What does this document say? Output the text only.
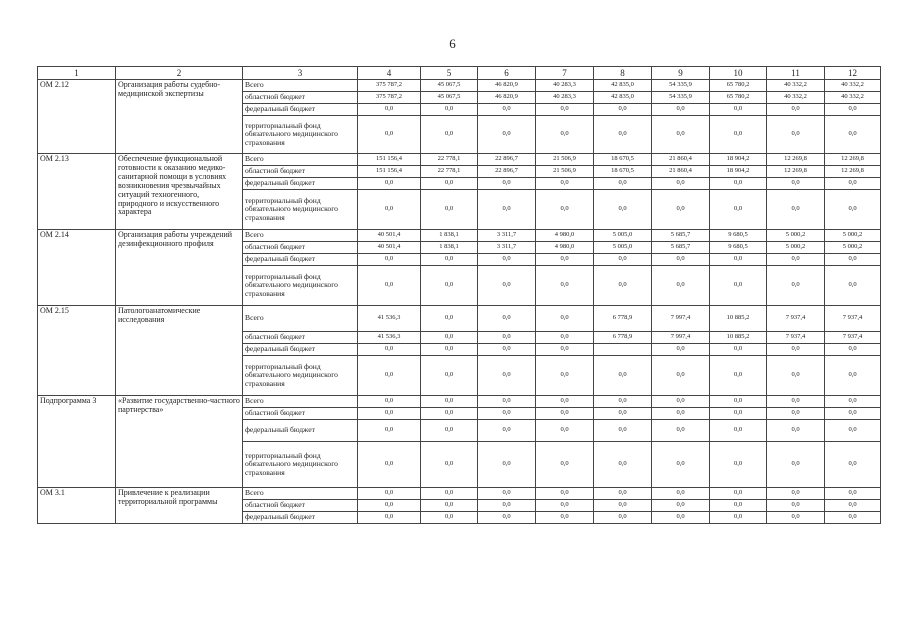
6
1	2	3	4	5	6	7	8	9	10	11	12
ОМ 2.12	Организация работы судебно-медицинской экспертизы	Всего	375 787,2	45 067,5	46 820,9	40 283,3	42 835,0	54 335,9	65 780,2	40 332,2	40 332,2
		областной бюджет	375 787,2	45 067,5	46 820,9	40 283,3	42 835,0	54 335,9	65 780,2	40 332,2	40 332,2
		федеральный бюджет	0,0	0,0	0,0	0,0	0,0	0,0	0,0	0,0	0,0
		территориальный фонд обязательного медицинского страхования	0,0	0,0	0,0	0,0	0,0	0,0	0,0	0,0	0,0
ОМ 2.13	Обеспечение функциональной готовности к оказанию медико-санитарной помощи в условиях возникновения чрезвычайных ситуаций техногенного, природного и искусственного характера	Всего	151 156,4	22 778,1	22 896,7	21 506,9	18 670,5	21 860,4	18 904,2	12 269,8	12 269,8
		областной бюджет	151 156,4	22 778,1	22 896,7	21 506,9	18 670,5	21 860,4	18 904,2	12 269,8	12 269,8
		федеральный бюджет	0,0	0,0	0,0	0,0	0,0	0,0	0,0	0,0	0,0
		территориальный фонд обязательного медицинского страхования	0,0	0,0	0,0	0,0	0,0	0,0	0,0	0,0	0,0
ОМ 2.14	Организация работы учреждений дезинфекционного профиля	Всего	40 501,4	1 838,1	3 311,7	4 980,0	5 005,0	5 685,7	9 680,5	5 000,2	5 000,2
		областной бюджет	40 501,4	1 838,1	3 311,7	4 980,0	5 005,0	5 685,7	9 680,5	5 000,2	5 000,2
		федеральный бюджет	0,0	0,0	0,0	0,0	0,0	0,0	0,0	0,0	0,0
		территориальный фонд обязательного медицинского страхования	0,0	0,0	0,0	0,0	0,0	0,0	0,0	0,0	0,0
ОМ 2.15	Патологоанатомические исследования	Всего	41 536,3	0,0	0,0	0,0	6 778,9	7 997,4	10 885,2	7 937,4	7 937,4
		областной бюджет	41 536,3	0,0	0,0	0,0	6 778,9	7 997,4	10 885,2	7 937,4	7 937,4
		федеральный бюджет	0,0	0,0	0,0	0,0		0,0	0,0	0,0	0,0
		территориальный фонд обязательного медицинского страхования	0,0	0,0	0,0	0,0	0,0	0,0	0,0	0,0	0,0
Подпрограмма 3	«Развитие государственно-частного партнерства»	Всего	0,0	0,0	0,0	0,0	0,0	0,0	0,0	0,0	0,0
		областной бюджет	0,0	0,0	0,0	0,0	0,0	0,0	0,0	0,0	0,0
		федеральный бюджет	0,0	0,0	0,0	0,0	0,0	0,0	0,0	0,0	0,0
		территориальный фонд обязательного медицинского страхования	0,0	0,0	0,0	0,0	0,0	0,0	0,0	0,0	0,0
ОМ 3.1	Привлечение к реализации территориальной программы	Всего	0,0	0,0	0,0	0,0	0,0	0,0	0,0	0,0	0,0
		областной бюджет	0,0	0,0	0,0	0,0	0,0	0,0	0,0	0,0	0,0
		федеральный бюджет	0,0	0,0	0,0	0,0	0,0	0,0	0,0	0,0	0,0
